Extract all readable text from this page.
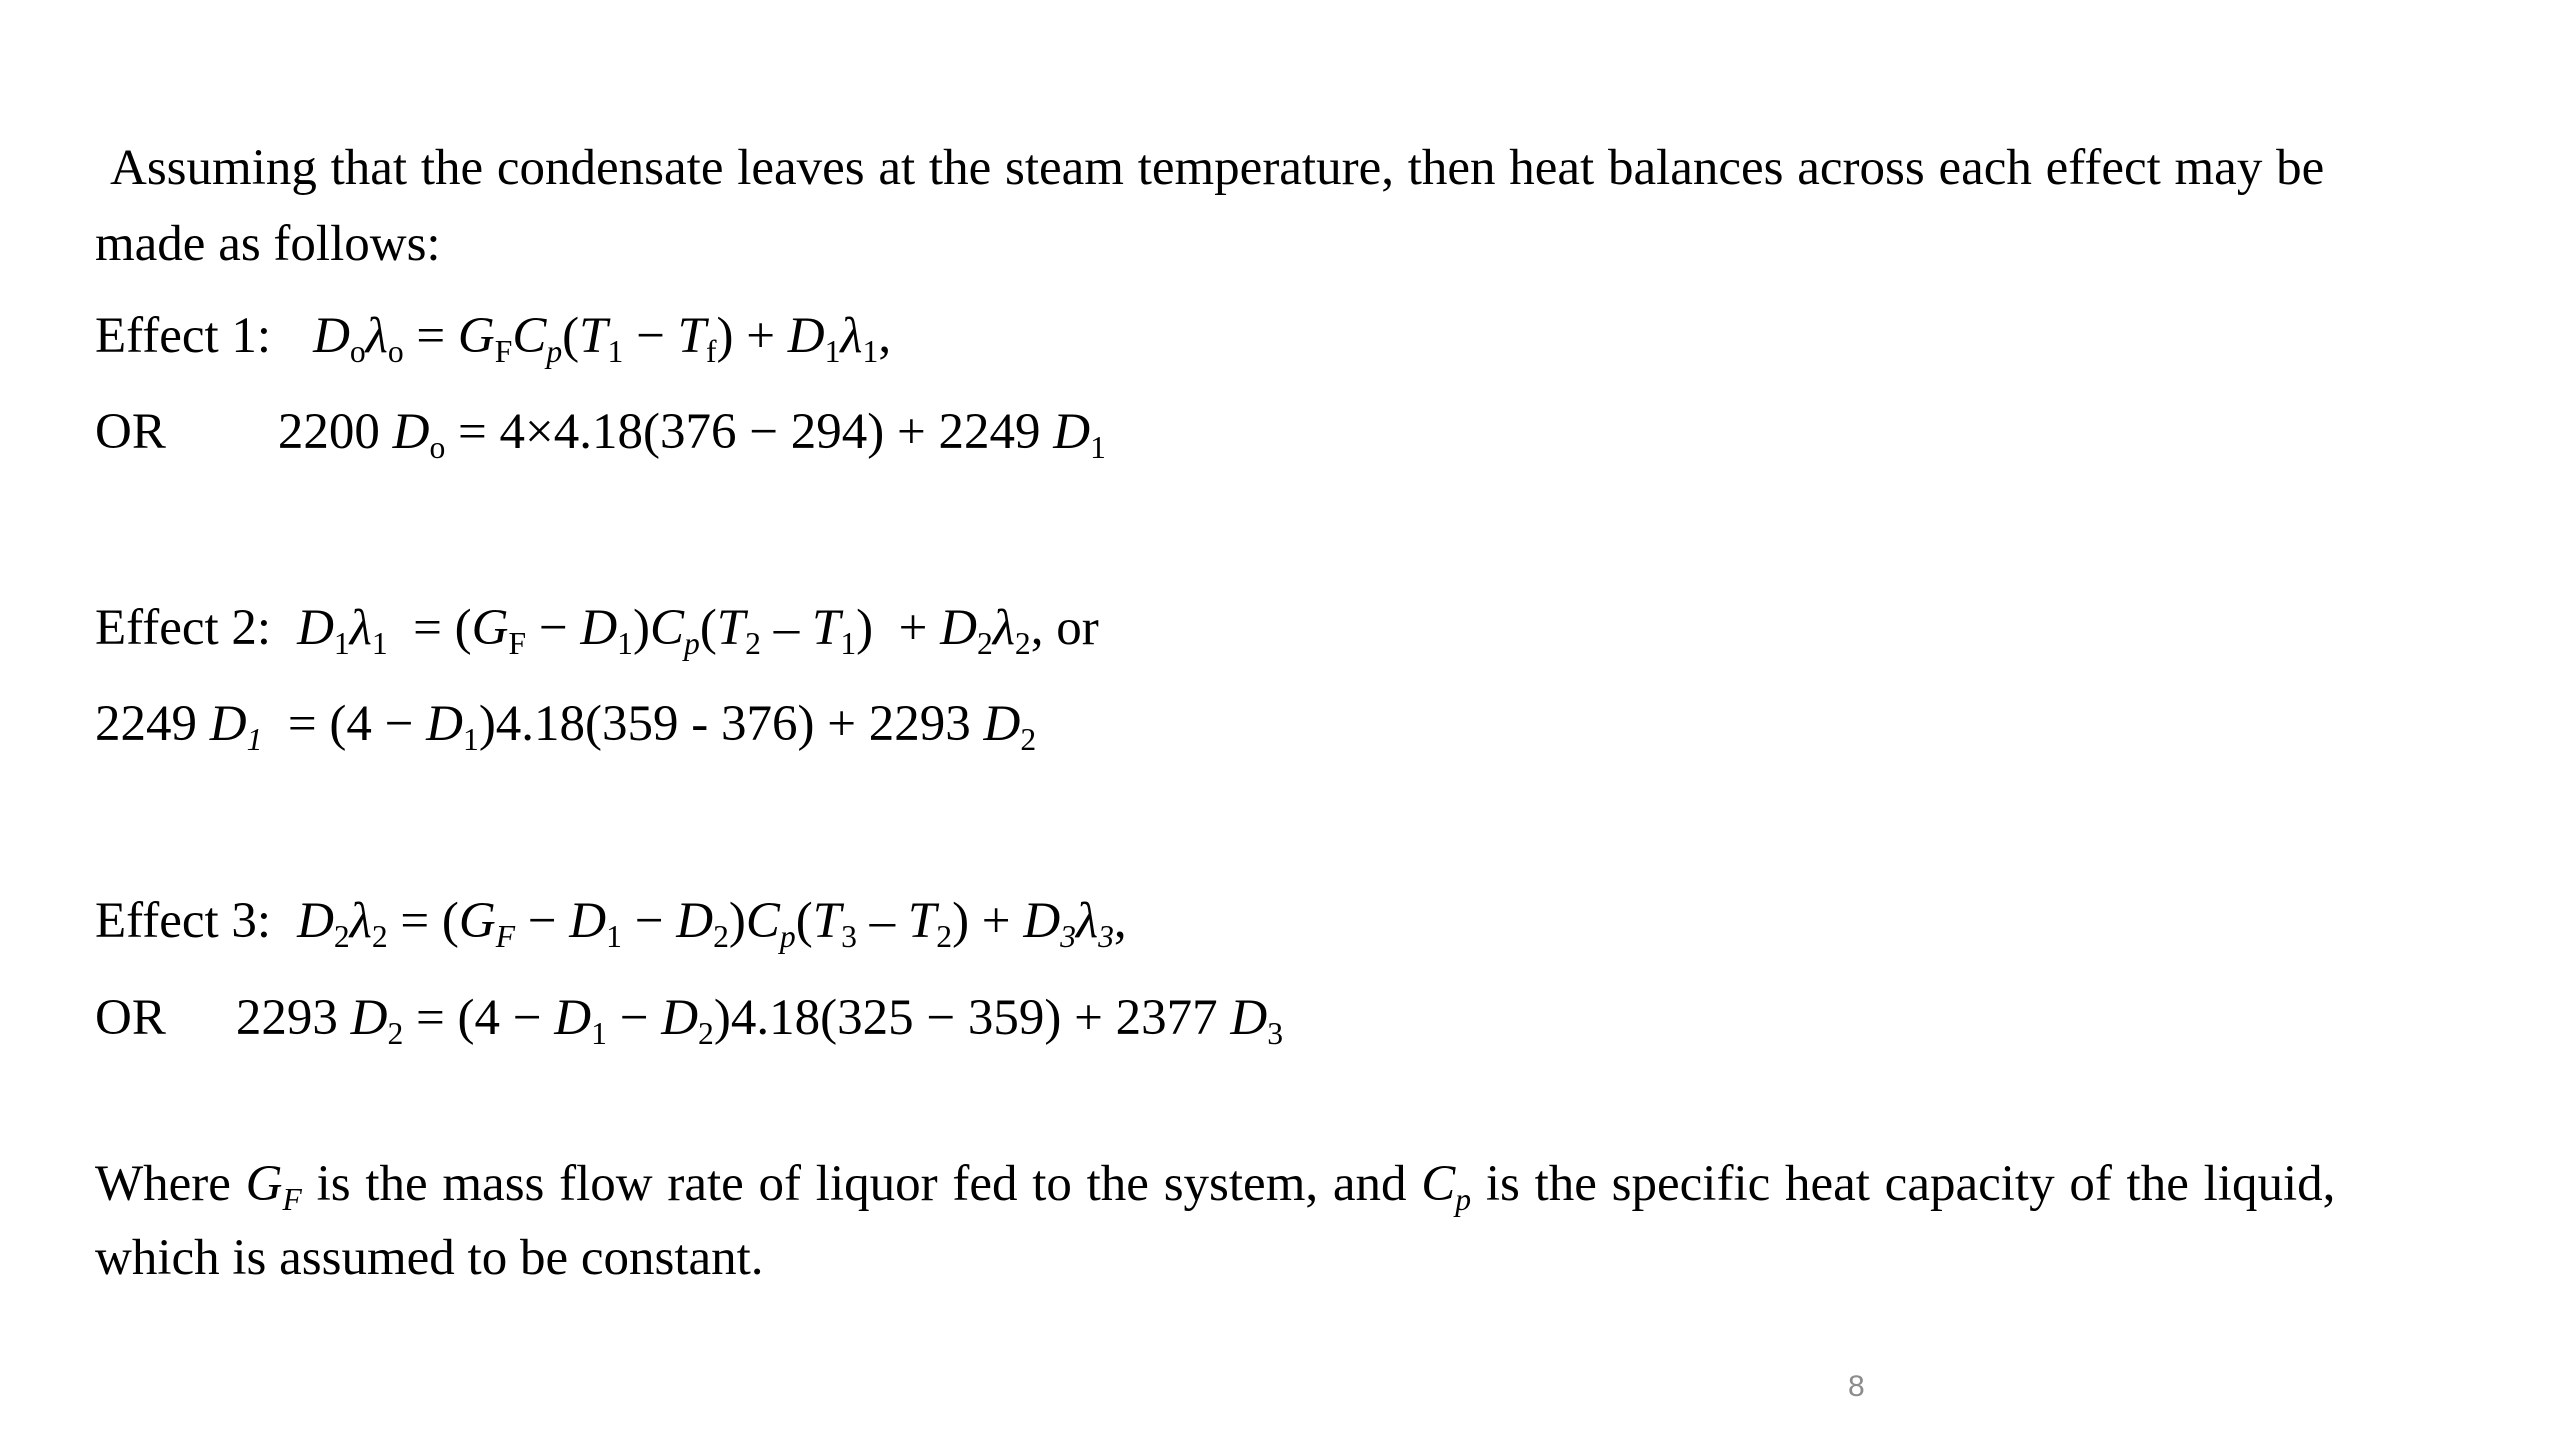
Assuming that the condensate leaves at the steam temperature, then heat balances across each effect may be
made as follows:
Effect 1: $D_o\lambda_o = G_FC_p(T_1 - T_f) + D_1\lambda_1$,
OR 2200 $D_o = 4\times 4.18(376 - 294) + 2249$ $D_1$
Effect 2: $D_1\lambda_1 = (G_F - D_1)C_p(T_2 - T_1) + D_2\lambda_2$, or
2249 $D_1 = (4 - D_1)4.18(359 - 376) + 2293$ $D_2$
Effect 3: $D_2\lambda_2 = (G_F - D_1 - D_2)C_p(T_3 - T_2) + D_3\lambda_3$,
OR 2293 $D_2 = (4 - D_1 - D_2)4.18(325 - 359) + 2377$ $D_3$
Where $G_F$ is the mass flow rate of liquor fed to the system, and $C_p$ is the specific heat capacity of the liquid,
which is assumed to be constant.
8
